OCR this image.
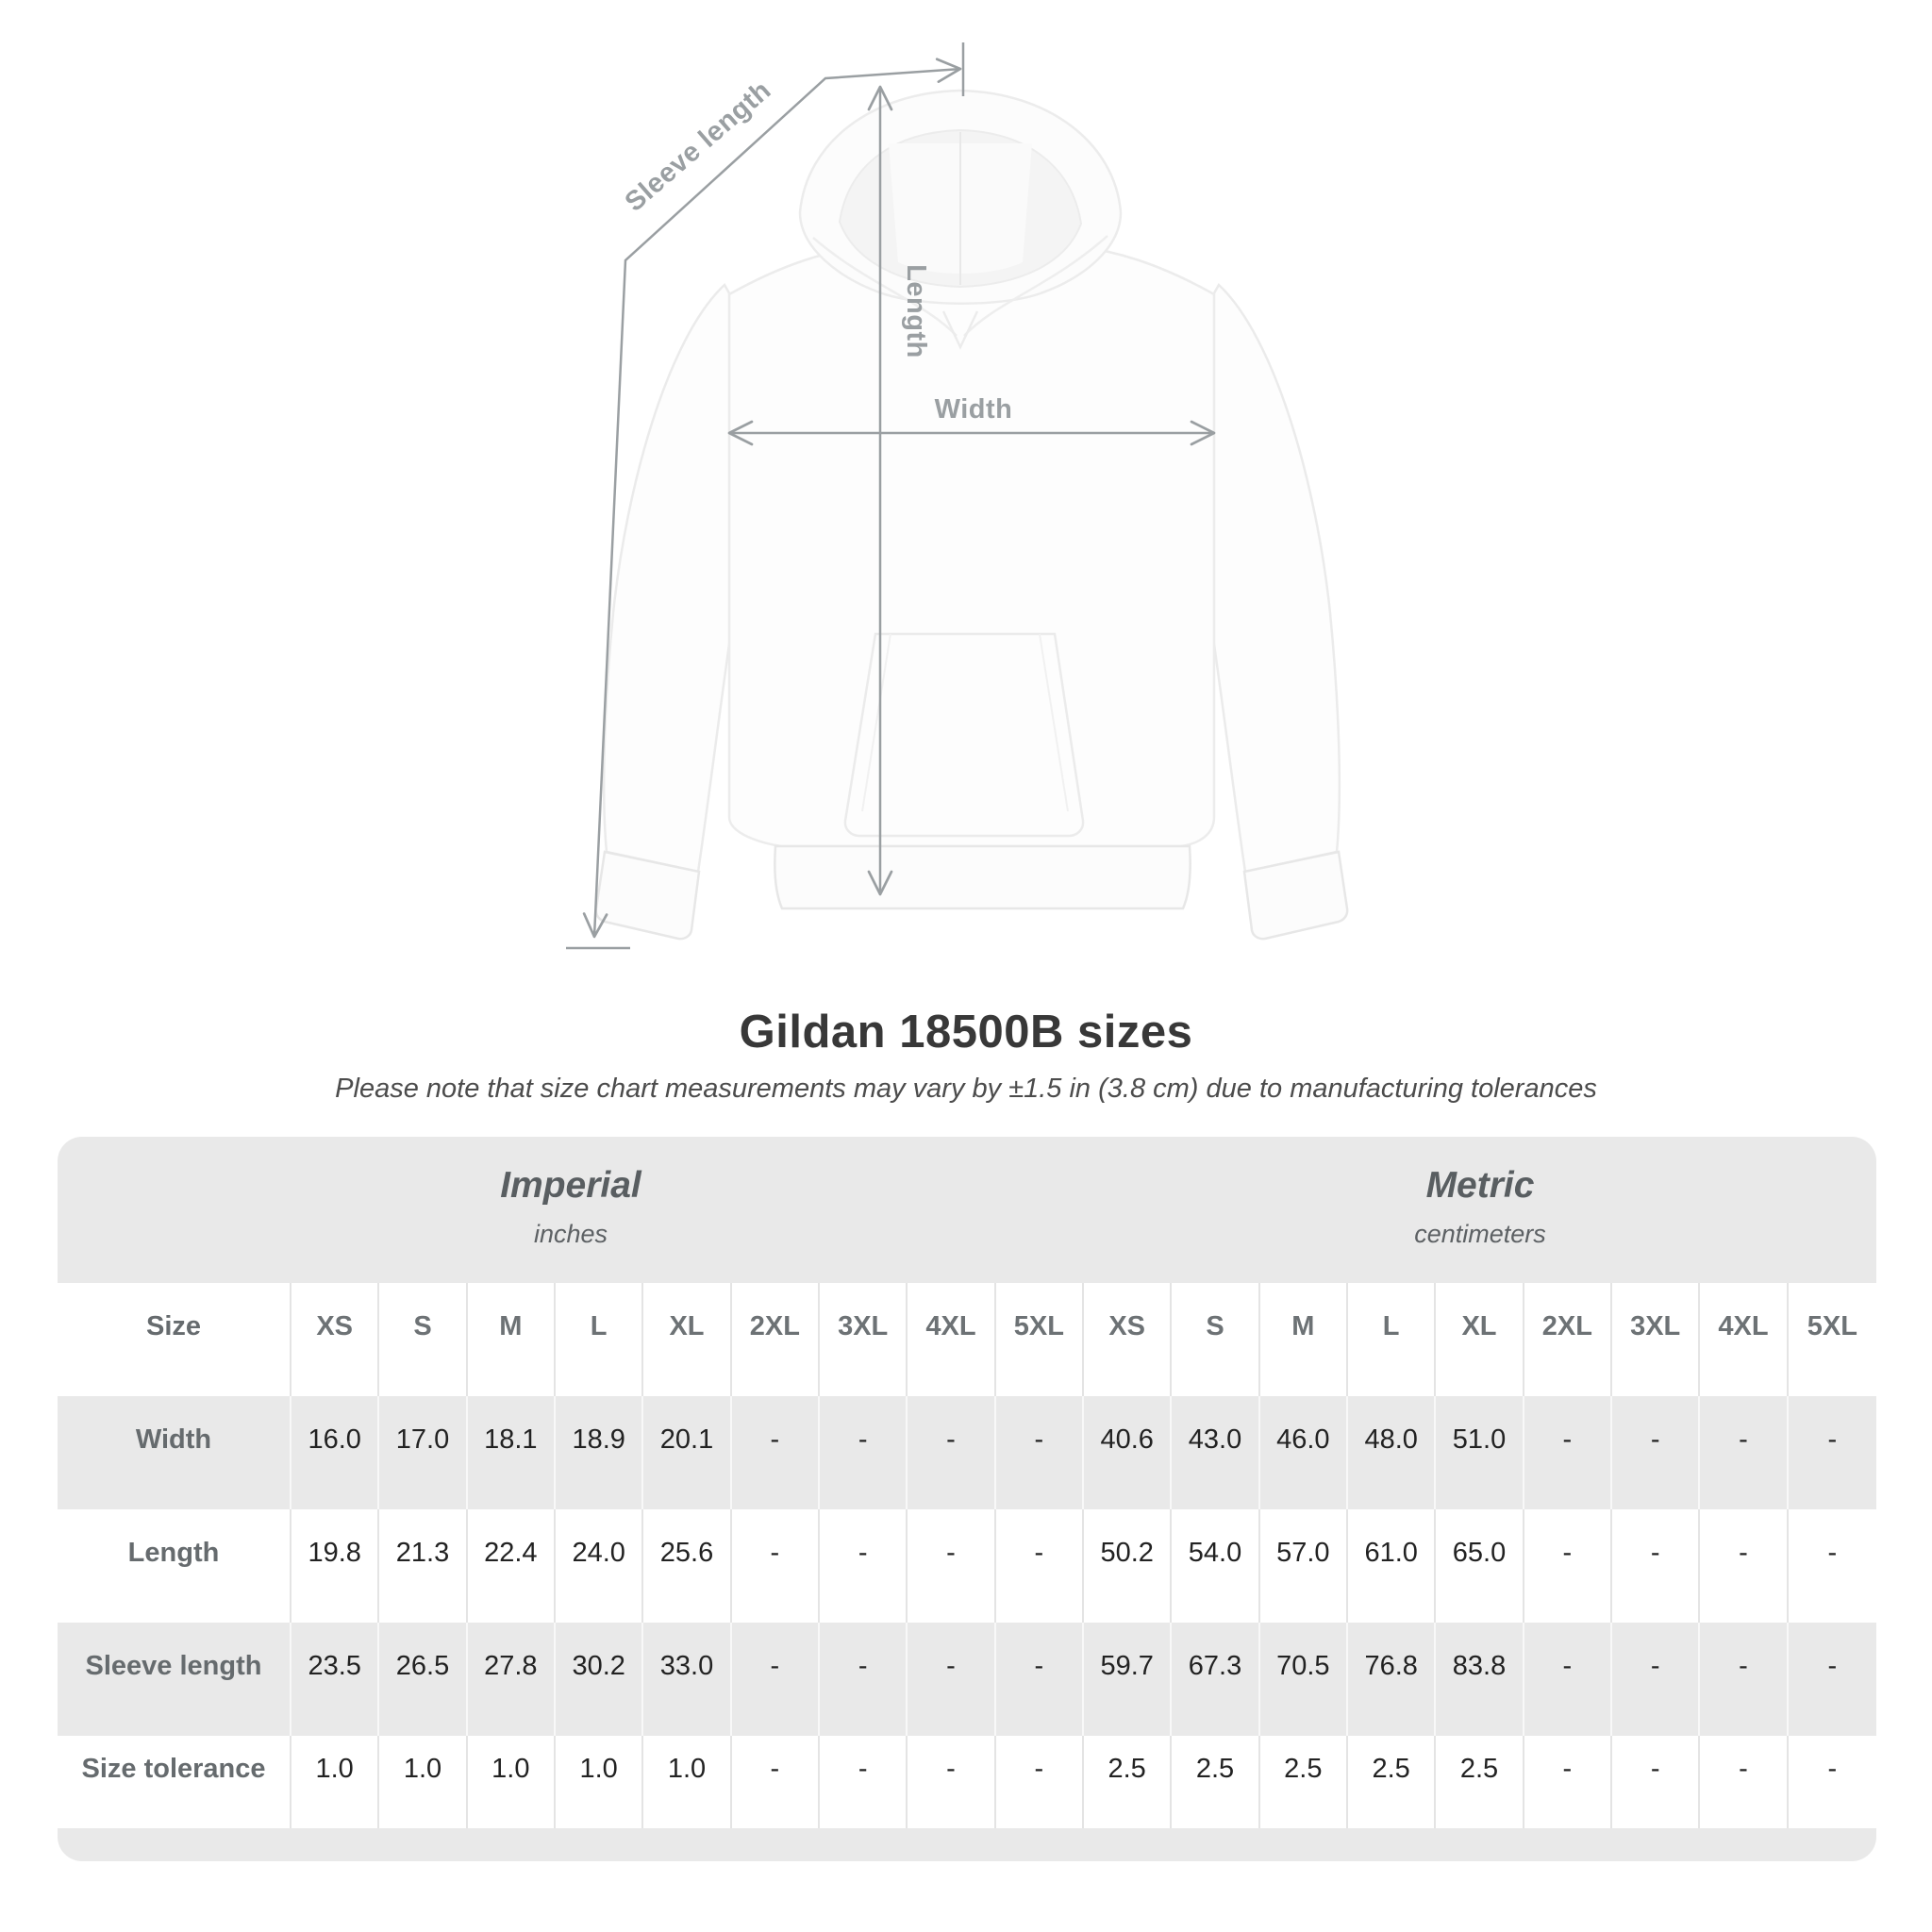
Sleeve length
Length
Width
Gildan 18500B sizes
Please note that size chart measurements may vary by ±1.5 in (3.8 cm) due to manufacturing tolerances
Imperial
inches
Metric
centimeters
Size	XS	S	M	L	XL	2XL	3XL	4XL	5XL	XS	S	M	L	XL	2XL	3XL	4XL	5XL
Width	16.0	17.0	18.1	18.9	20.1	-	-	-	-	40.6	43.0	46.0	48.0	51.0	-	-	-	-
Length	19.8	21.3	22.4	24.0	25.6	-	-	-	-	50.2	54.0	57.0	61.0	65.0	-	-	-	-
Sleeve length	23.5	26.5	27.8	30.2	33.0	-	-	-	-	59.7	67.3	70.5	76.8	83.8	-	-	-	-
Size tolerance	1.0	1.0	1.0	1.0	1.0	-	-	-	-	2.5	2.5	2.5	2.5	2.5	-	-	-	-
